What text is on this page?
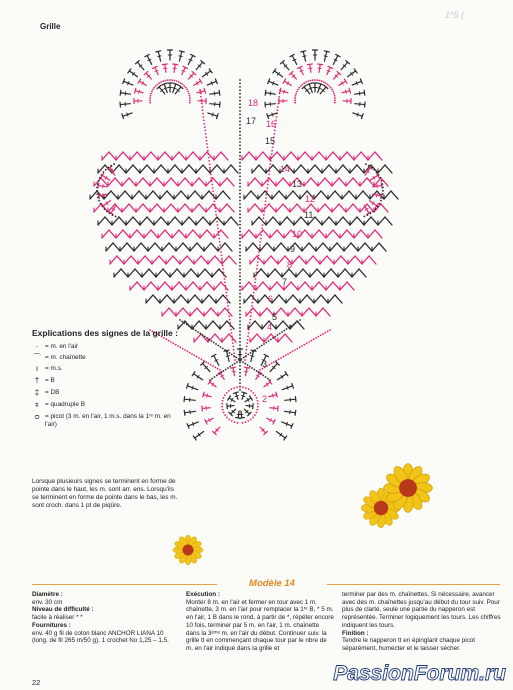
Grille
1*5 (
2
3
4
5
6
7
8
9
10
11
12
13
14
15
16
17
18
Explications des signes de la grille :
·	= m. en l'air
⌒ = m. chaînette
ı	= m.s.
† = B
‡ = DB
⧧ = quadruple B
ᴑ = picot (3 m. en l'air, 1 m.s. dans la 1ʳᵉ m. en l'air)
Lorsque plusieurs signes se terminent en forme de pointe dans le haut, les m. sont arr. ens. Lorsqu'ils se terminent en forme de pointe dans le bas, les m. sont croch. dans 1 pt de piqûre.
Modèle 14
Diamètre :
env. 30 cm
Niveau de difficulté :
facile à réaliser * *
Fournitures :
env. 40 g fil de coton blanc ANCHOR LIANA 10 (long. de fil 265 m/50 g), 1 crochet No 1,25 – 1,5.
Exécution :
Monter 8 m. en l'air et fermer en tour avec 1 m. chaînette, 3 m. en l'air pour remplacer la 1ʳᵉ B, * 5 m. en l'air, 1 B dans le rond, à partir de *, répéter encore 10 fois, terminer par 5 m. en l'air, 1 m. chaînette dans la 3ᵉᵐᵉ m. en l'air du début. Continuer suiv. la grille tt en commençant chaque tour par le nbre de m. en l'air indiqué dans la grille et
terminer par des m. chaînettes. Si nécessaire, avancer avec des m. chaînettes jusqu'au début du tour suiv. Pour plus de clarté, seule une partie du napperon est représentée. Terminer logiquement les tours. Les chiffres indiquent les tours.
Finition :
Tendre le napperon tt en épinglant chaque picot séparément, humecter et le laisser sécher.
22	PassionForum.ru
